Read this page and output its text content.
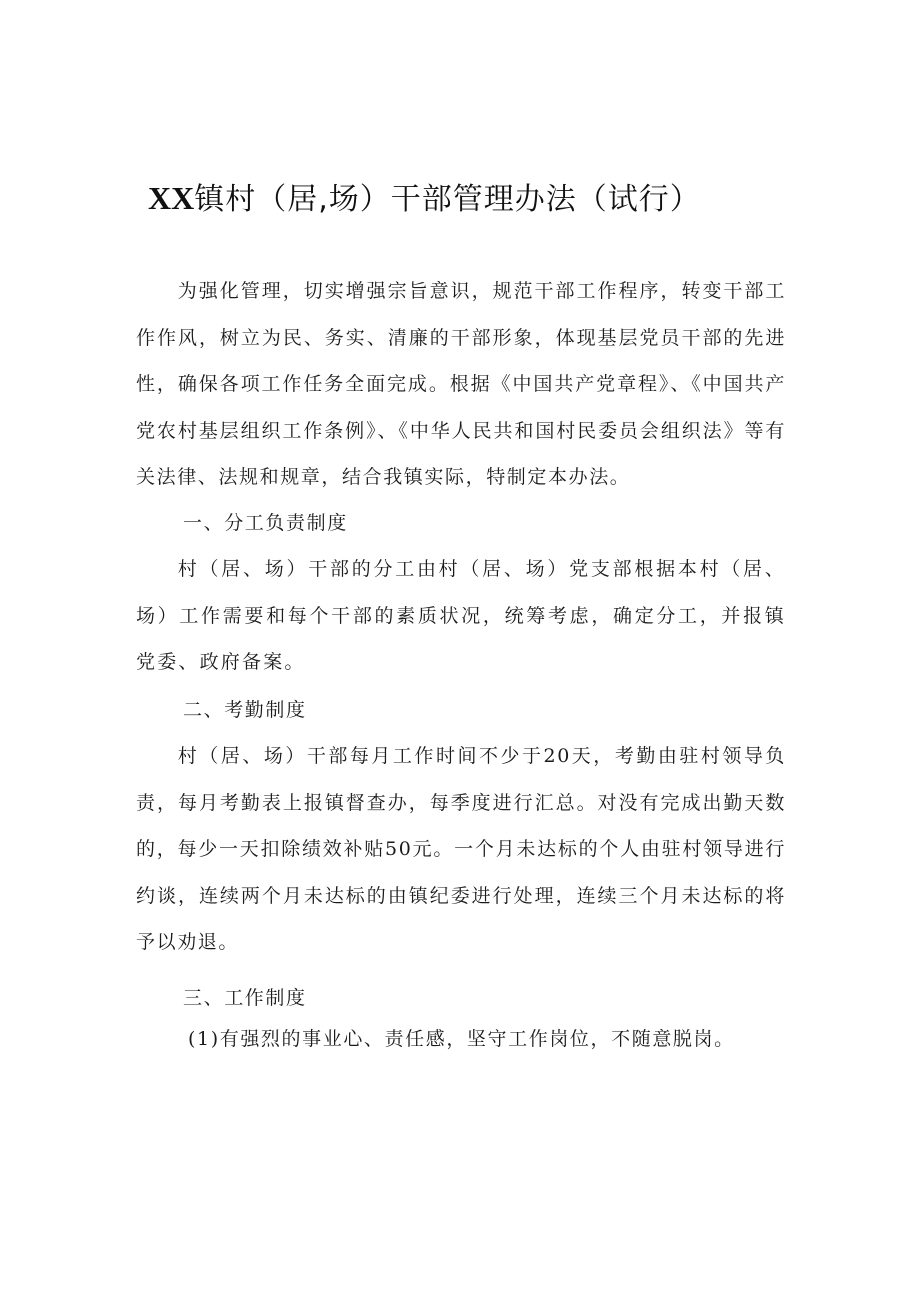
XX镇村（居,场）干部管理办法（试行）

为强化管理，切实增强宗旨意识，规范干部工作程序，转变干部工作作风，树立为民、务实、清廉的干部形象，体现基层党员干部的先进性，确保各项工作任务全面完成。根据《中国共产党章程》、《中国共产党农村基层组织工作条例》、《中华人民共和国村民委员会组织法》等有关法律、法规和规章，结合我镇实际，特制定本办法。

一、分工负责制度

村（居、场）干部的分工由村（居、场）党支部根据本村（居、场）工作需要和每个干部的素质状况，统筹考虑，确定分工，并报镇党委、政府备案。

二、考勤制度

村（居、场）干部每月工作时间不少于20天，考勤由驻村领导负责，每月考勤表上报镇督查办，每季度进行汇总。对没有完成出勤天数的，每少一天扣除绩效补贴50元。一个月未达标的个人由驻村领导进行约谈，连续两个月未达标的由镇纪委进行处理，连续三个月未达标的将予以劝退。

三、工作制度

(1)有强烈的事业心、责任感，坚守工作岗位，不随意脱岗。
